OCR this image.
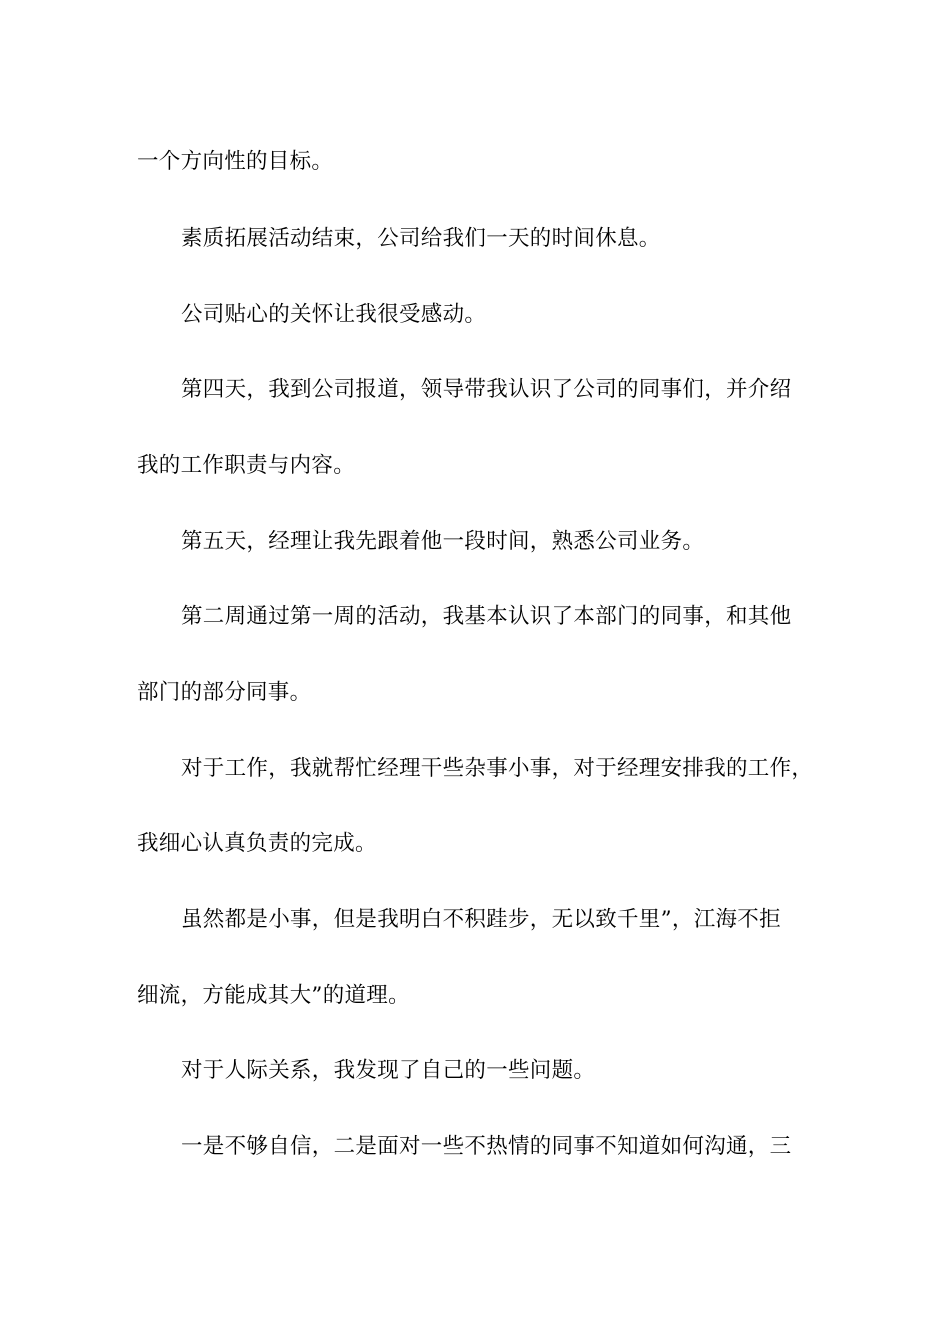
一个方向性的目标。
素质拓展活动结束，公司给我们一天的时间休息。
公司贴心的关怀让我很受感动。
第四天，我到公司报道，领导带我认识了公司的同事们，并介绍
我的工作职责与内容。
第五天，经理让我先跟着他一段时间，熟悉公司业务。
第二周通过第一周的活动，我基本认识了本部门的同事，和其他
部门的部分同事。
对于工作，我就帮忙经理干些杂事小事，对于经理安排我的工作，
我细心认真负责的完成。
虽然都是小事，但是我明白不积跬步，无以致千里”，江海不拒
细流，方能成其大”的道理。
对于人际关系，我发现了自己的一些问题。
一是不够自信，二是面对一些不热情的同事不知道如何沟通，三
